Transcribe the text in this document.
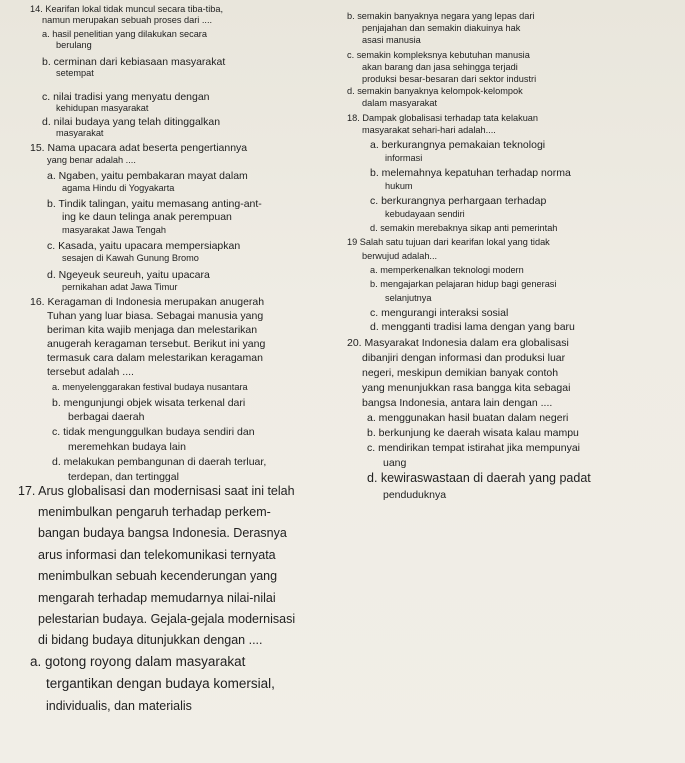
14. Kearifan lokal tidak muncul secara tiba-tiba,
namun merupakan sebuah proses dari ....
a. hasil penelitian yang dilakukan secara
berulang
b. cerminan dari kebiasaan masyarakat
setempat
c. nilai tradisi yang menyatu dengan
kehidupan masyarakat
d. nilai budaya yang telah ditinggalkan
masyarakat
15. Nama upacara adat beserta pengertiannya
yang benar adalah ....
a. Ngaben, yaitu pembakaran mayat dalam
agama Hindu di Yogyakarta
b. Tindik talingan, yaitu memasang anting-ant-
ing ke daun telinga anak perempuan
masyarakat Jawa Tengah
c. Kasada, yaitu upacara mempersiapkan
sesajen di Kawah Gunung Bromo
d. Ngeyeuk seureuh, yaitu upacara
pernikahan adat Jawa Timur
16. Keragaman di Indonesia merupakan anugerah
Tuhan yang luar biasa. Sebagai manusia yang
beriman kita wajib menjaga dan melestarikan
anugerah keragaman tersebut. Berikut ini yang
termasuk cara dalam melestarikan keragaman
tersebut adalah ....
a. menyelenggarakan festival budaya nusantara
b. mengunjungi objek wisata terkenal dari
berbagai daerah
c. tidak mengunggulkan budaya sendiri dan
meremehkan budaya lain
d. melakukan pembangunan di daerah terluar,
terdepan, dan tertinggal
17. Arus globalisasi dan modernisasi saat ini telah
menimbulkan pengaruh terhadap perkem-
bangan budaya bangsa Indonesia. Derasnya
arus informasi dan telekomunikasi ternyata
menimbulkan sebuah kecenderungan yang
mengarah terhadap memudarnya nilai-nilai
pelestarian budaya. Gejala-gejala modernisasi
di bidang budaya ditunjukkan dengan ....
a. gotong royong dalam masyarakat
tergantikan dengan budaya komersial,
individualis, dan materialis
b. semakin banyaknya negara yang lepas dari
penjajahan dan semakin diakuinya hak
asasi manusia
c. semakin kompleksnya kebutuhan manusia
akan barang dan jasa sehingga terjadi
produksi besar-besaran dari sektor industri
d. semakin banyaknya kelompok-kelompok
dalam masyarakat
18. Dampak globalisasi terhadap tata kelakuan
masyarakat sehari-hari adalah....
a. berkurangnya pemakaian teknologi
informasi
b. melemahnya kepatuhan terhadap norma
hukum
c. berkurangnya perhargaan terhadap
kebudayaan sendiri
d. semakin merebaknya sikap anti pemerintah
19 Salah satu tujuan dari kearifan lokal yang tidak
berwujud adalah...
a. memperkenalkan teknologi modern
b. mengajarkan pelajaran hidup bagi generasi
selanjutnya
c. mengurangi interaksi sosial
d. mengganti tradisi lama dengan yang baru
20. Masyarakat Indonesia dalam era globalisasi
dibanjiri dengan informasi dan produksi luar
negeri, meskipun demikian banyak contoh
yang menunjukkan rasa bangga kita sebagai
bangsa Indonesia, antara lain dengan ....
a. menggunakan hasil buatan dalam negeri
b. berkunjung ke daerah wisata kalau mampu
c. mendirikan tempat istirahat jika mempunyai
uang
d. kewiraswastaan di daerah yang padat
penduduknya
